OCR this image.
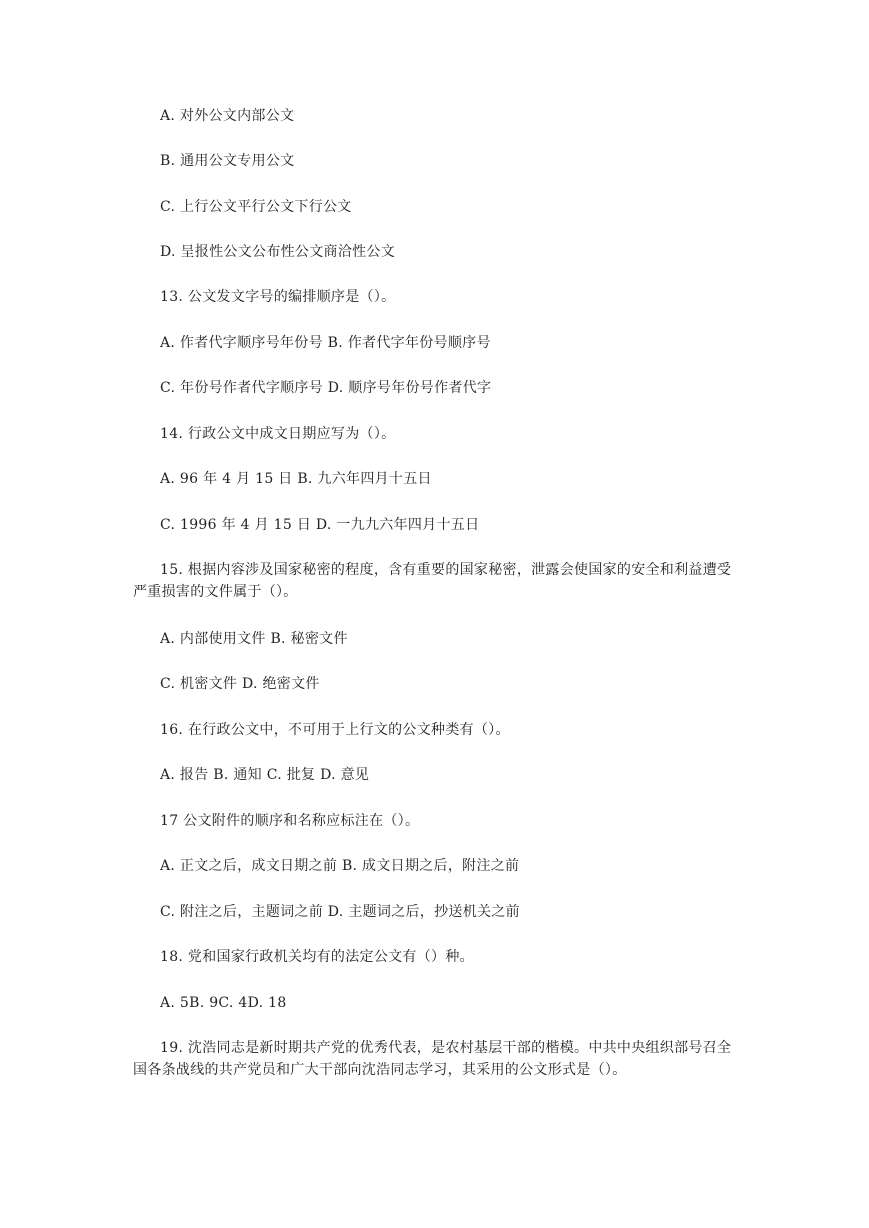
A. 对外公文内部公文
B. 通用公文专用公文
C. 上行公文平行公文下行公文
D. 呈报性公文公布性公文商洽性公文
13. 公文发文字号的编排顺序是（）。
A. 作者代字顺序号年份号 B. 作者代字年份号顺序号
C. 年份号作者代字顺序号 D. 顺序号年份号作者代字
14. 行政公文中成文日期应写为（）。
A. 96 年 4 月 15 日 B. 九六年四月十五日
C. 1996 年 4 月 15 日 D. 一九九六年四月十五日
15. 根据内容涉及国家秘密的程度，含有重要的国家秘密，泄露会使国家的安全和利益遭受严重损害的文件属于（）。
A. 内部使用文件 B. 秘密文件
C. 机密文件 D. 绝密文件
16. 在行政公文中，不可用于上行文的公文种类有（）。
A. 报告 B. 通知 C. 批复 D. 意见
17 公文附件的顺序和名称应标注在（）。
A. 正文之后，成文日期之前 B. 成文日期之后，附注之前
C. 附注之后，主题词之前 D. 主题词之后，抄送机关之前
18. 党和国家行政机关均有的法定公文有（）种。
A. 5B. 9C. 4D. 18
19. 沈浩同志是新时期共产党的优秀代表，是农村基层干部的楷模。中共中央组织部号召全国各条战线的共产党员和广大干部向沈浩同志学习，其采用的公文形式是（）。
